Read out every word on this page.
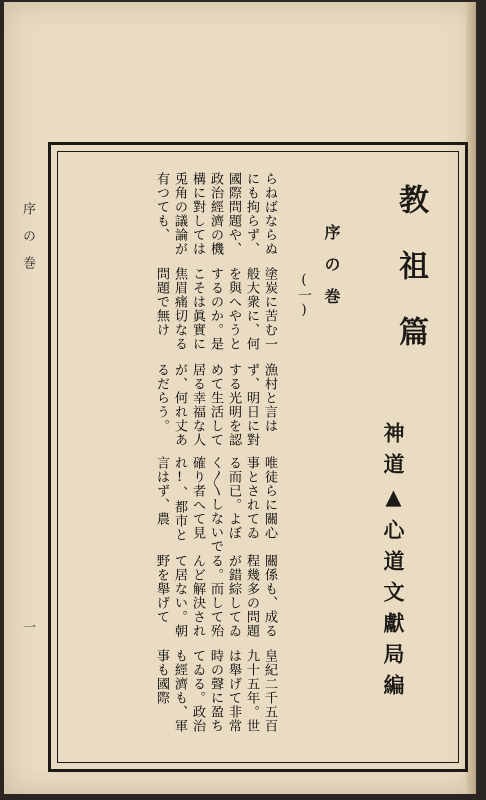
序の巻
一

らねばならぬにも拘らず、國際問題や、政治經濟の機構に對しては兎角の議論が有つても、

塗炭に苦む一般大衆に、何を與へやうとするのか。是こそは眞實に焦眉痛切なる問題で無け

漁村と言はず、明日に對する光明を認めて生活して居る幸福な人が、何れ丈あるだらう。

唯徒らに關心事とされてゐる而已。よぼく〳〵しないで確り者へて見れ!、都市と言はず、農

關係も、成る程幾多の問題が錯綜してゐる。而して殆んど解決されて居ない。朝野を舉げて

皇紀二千五百九十五年。世は舉げて非常時の聲に盈ちてゐる。政治も經濟も、軍事も國際

(一) 序の巻 教祖篇
神道▲心道文獻局編
